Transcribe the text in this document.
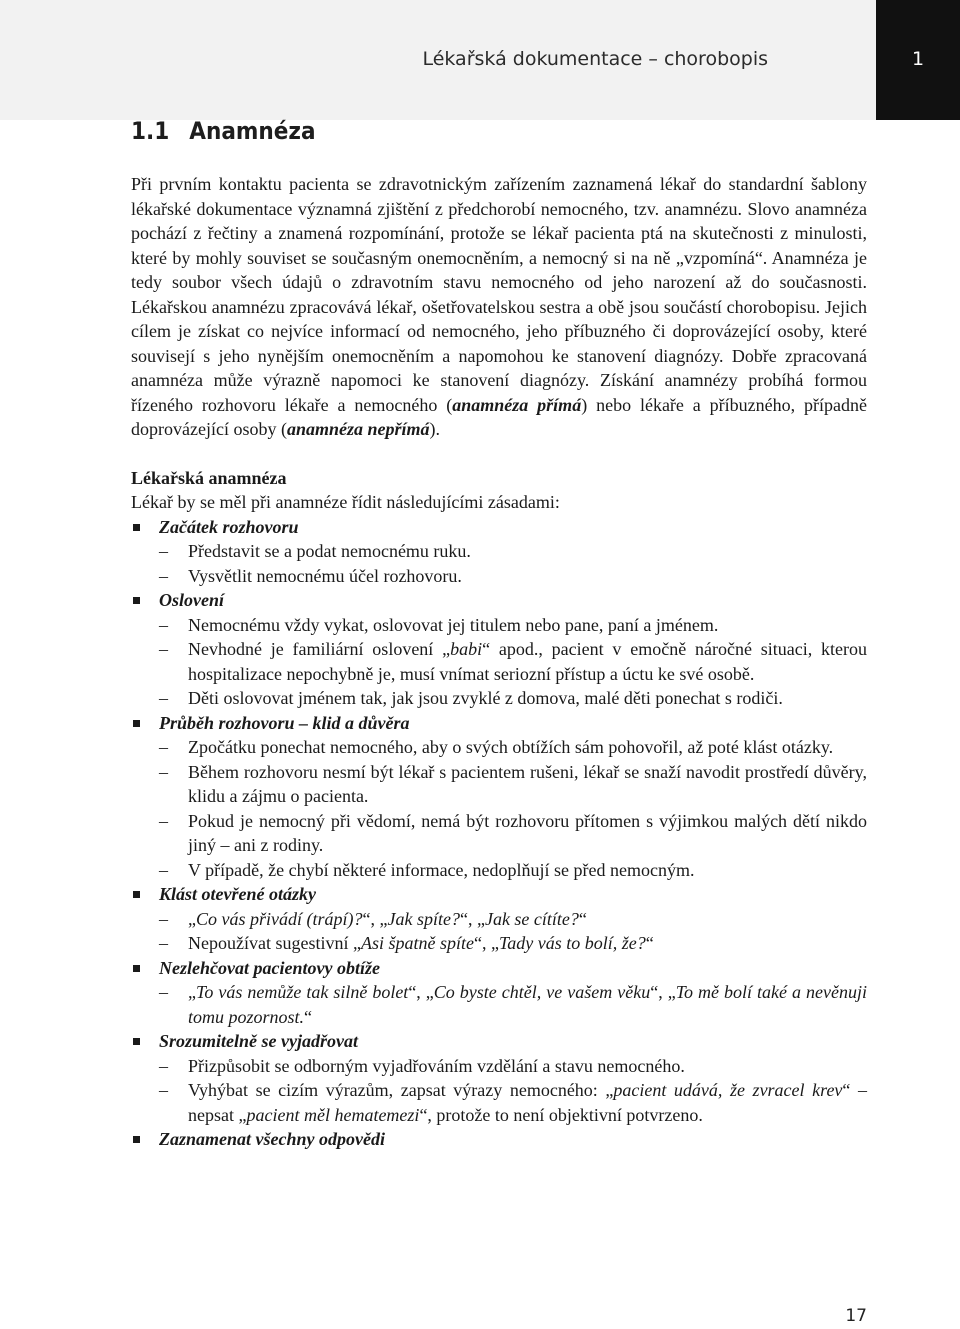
Lékařská dokumentace – chorobopis	1
1.1 Anamnéza

Při prvním kontaktu pacienta se zdravotnickým zařízením zaznamená lékař do standardní šablony lékařské dokumentace významná zjištění z předchorobí nemocného, tzv. anamnézu. Slovo anamnéza pochází z řečtiny a znamená rozpomínání, protože se lékař pacienta ptá na skutečnosti z minulosti, které by mohly souviset se současným onemocněním, a nemocný si na ně „vzpomíná“. Anamnéza je tedy soubor všech údajů o zdravotním stavu nemocného od jeho narození až do současnosti. Lékařskou anamnézu zpracovává lékař, ošetřovatelskou sestra a obě jsou součástí chorobopisu. Jejich cílem je získat co nejvíce informací od nemocného, jeho příbuzného či doprovázející osoby, které souvisejí s jeho nynějším onemocněním a napomohou ke stanovení diagnózy. Dobře zpracovaná anamnéza může výrazně napomoci ke stanovení diagnózy. Získání anamnézy probíhá formou řízeného rozhovoru lékaře a nemocného (anamnéza přímá) nebo lékaře a příbuzného, případně doprovázející osoby (anamnéza nepřímá).

Lékařská anamnéza

Lékař by se měl při anamnéze řídit následujícími zásadami:

Začátek rozhovoru
– Představit se a podat nemocnému ruku.
– Vysvětlit nemocnému účel rozhovoru.
Oslovení
– Nemocnému vždy vykat, oslovovat jej titulem nebo pane, paní a jménem.
– Nevhodné je familiární oslovení „babi“ apod., pacient v emočně náročné situaci, kterou hospitalizace nepochybně je, musí vnímat seriozní přístup a úctu ke své osobě.
– Děti oslovovat jménem tak, jak jsou zvyklé z domova, malé děti ponechat s rodiči.
Průběh rozhovoru – klid a důvěra
– Zpočátku ponechat nemocného, aby o svých obtížích sám pohovořil, až poté klást otázky.
– Během rozhovoru nesmí být lékař s pacientem rušeni, lékař se snaží navodit prostředí důvěry, klidu a zájmu o pacienta.
– Pokud je nemocný při vědomí, nemá být rozhovoru přítomen s výjimkou malých dětí nikdo jiný – ani z rodiny.
– V případě, že chybí některé informace, nedoplňují se před nemocným.
Klást otevřené otázky
– „Co vás přivádí (trápí)?“, „Jak spíte?“, „Jak se cítíte?“
– Nepoužívat sugestivní „Asi špatně spíte“, „Tady vás to bolí, že?“
Nezlehčovat pacientovy obtíže
– „To vás nemůže tak silně bolet“, „Co byste chtěl, ve vašem věku“, „To mě bolí také a nevěnuji tomu pozornost.“
Srozumitelně se vyjadřovat
– Přizpůsobit se odborným vyjadřováním vzdělání a stavu nemocného.
– Vyhýbat se cizím výrazům, zapsat výrazy nemocného: „pacient udává, že zvracel krev“ – nepsat „pacient měl hematemezi“, protože to není objektivní potvrzeno.
Zaznamenat všechny odpovědi
17
